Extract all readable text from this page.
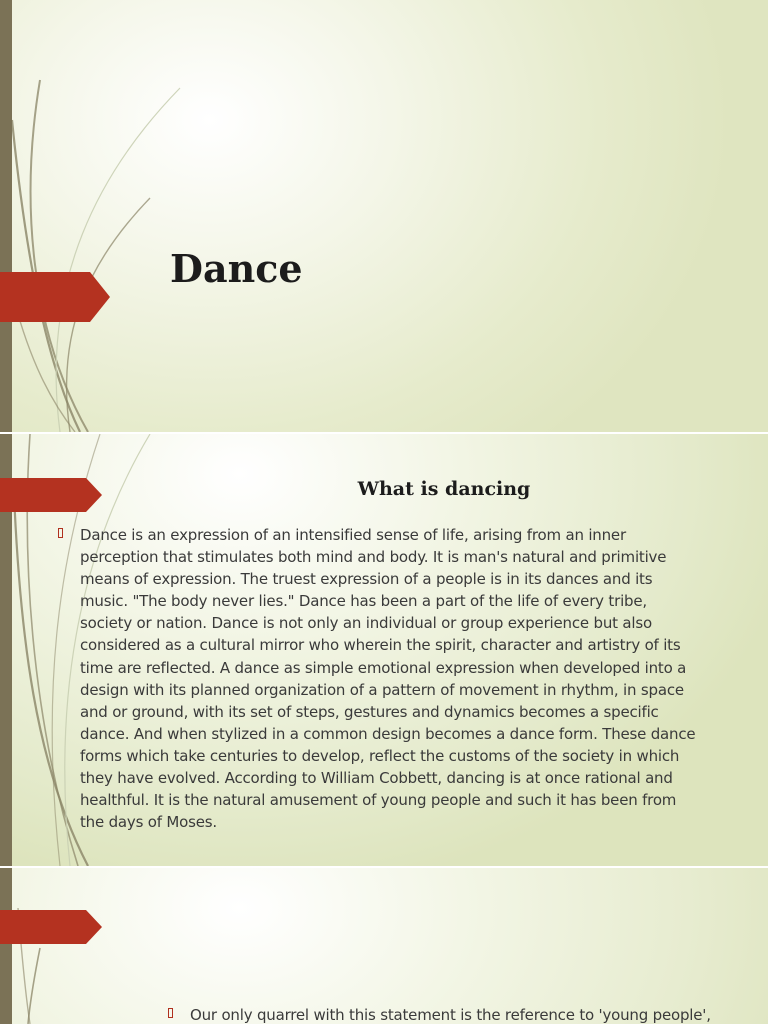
Dance
What is dancing

Dance is an expression of an intensified sense of life, arising from an inner perception that stimulates both mind and body. It is man's natural and primitive means of expression. The truest expression of a people is in its dances and its music. "The body never lies." Dance has been a part of the life of every tribe, society or nation. Dance is not only an individual or group experience but also considered as a cultural mirror who wherein the spirit, character and artistry of its time are reflected. A dance as simple emotional expression when developed into a design with its planned organization of a pattern of movement in rhythm, in space and or ground, with its set of steps, gestures and dynamics becomes a specific dance. And when stylized in a common design becomes a dance form. These dance forms which take centuries to develop, reflect the customs of the society in which they have evolved. According to William Cobbett, dancing is at once rational and healthful. It is the natural amusement of young people and such it has been from the days of Moses.

Our only quarrel with this statement is the reference to 'young people',
